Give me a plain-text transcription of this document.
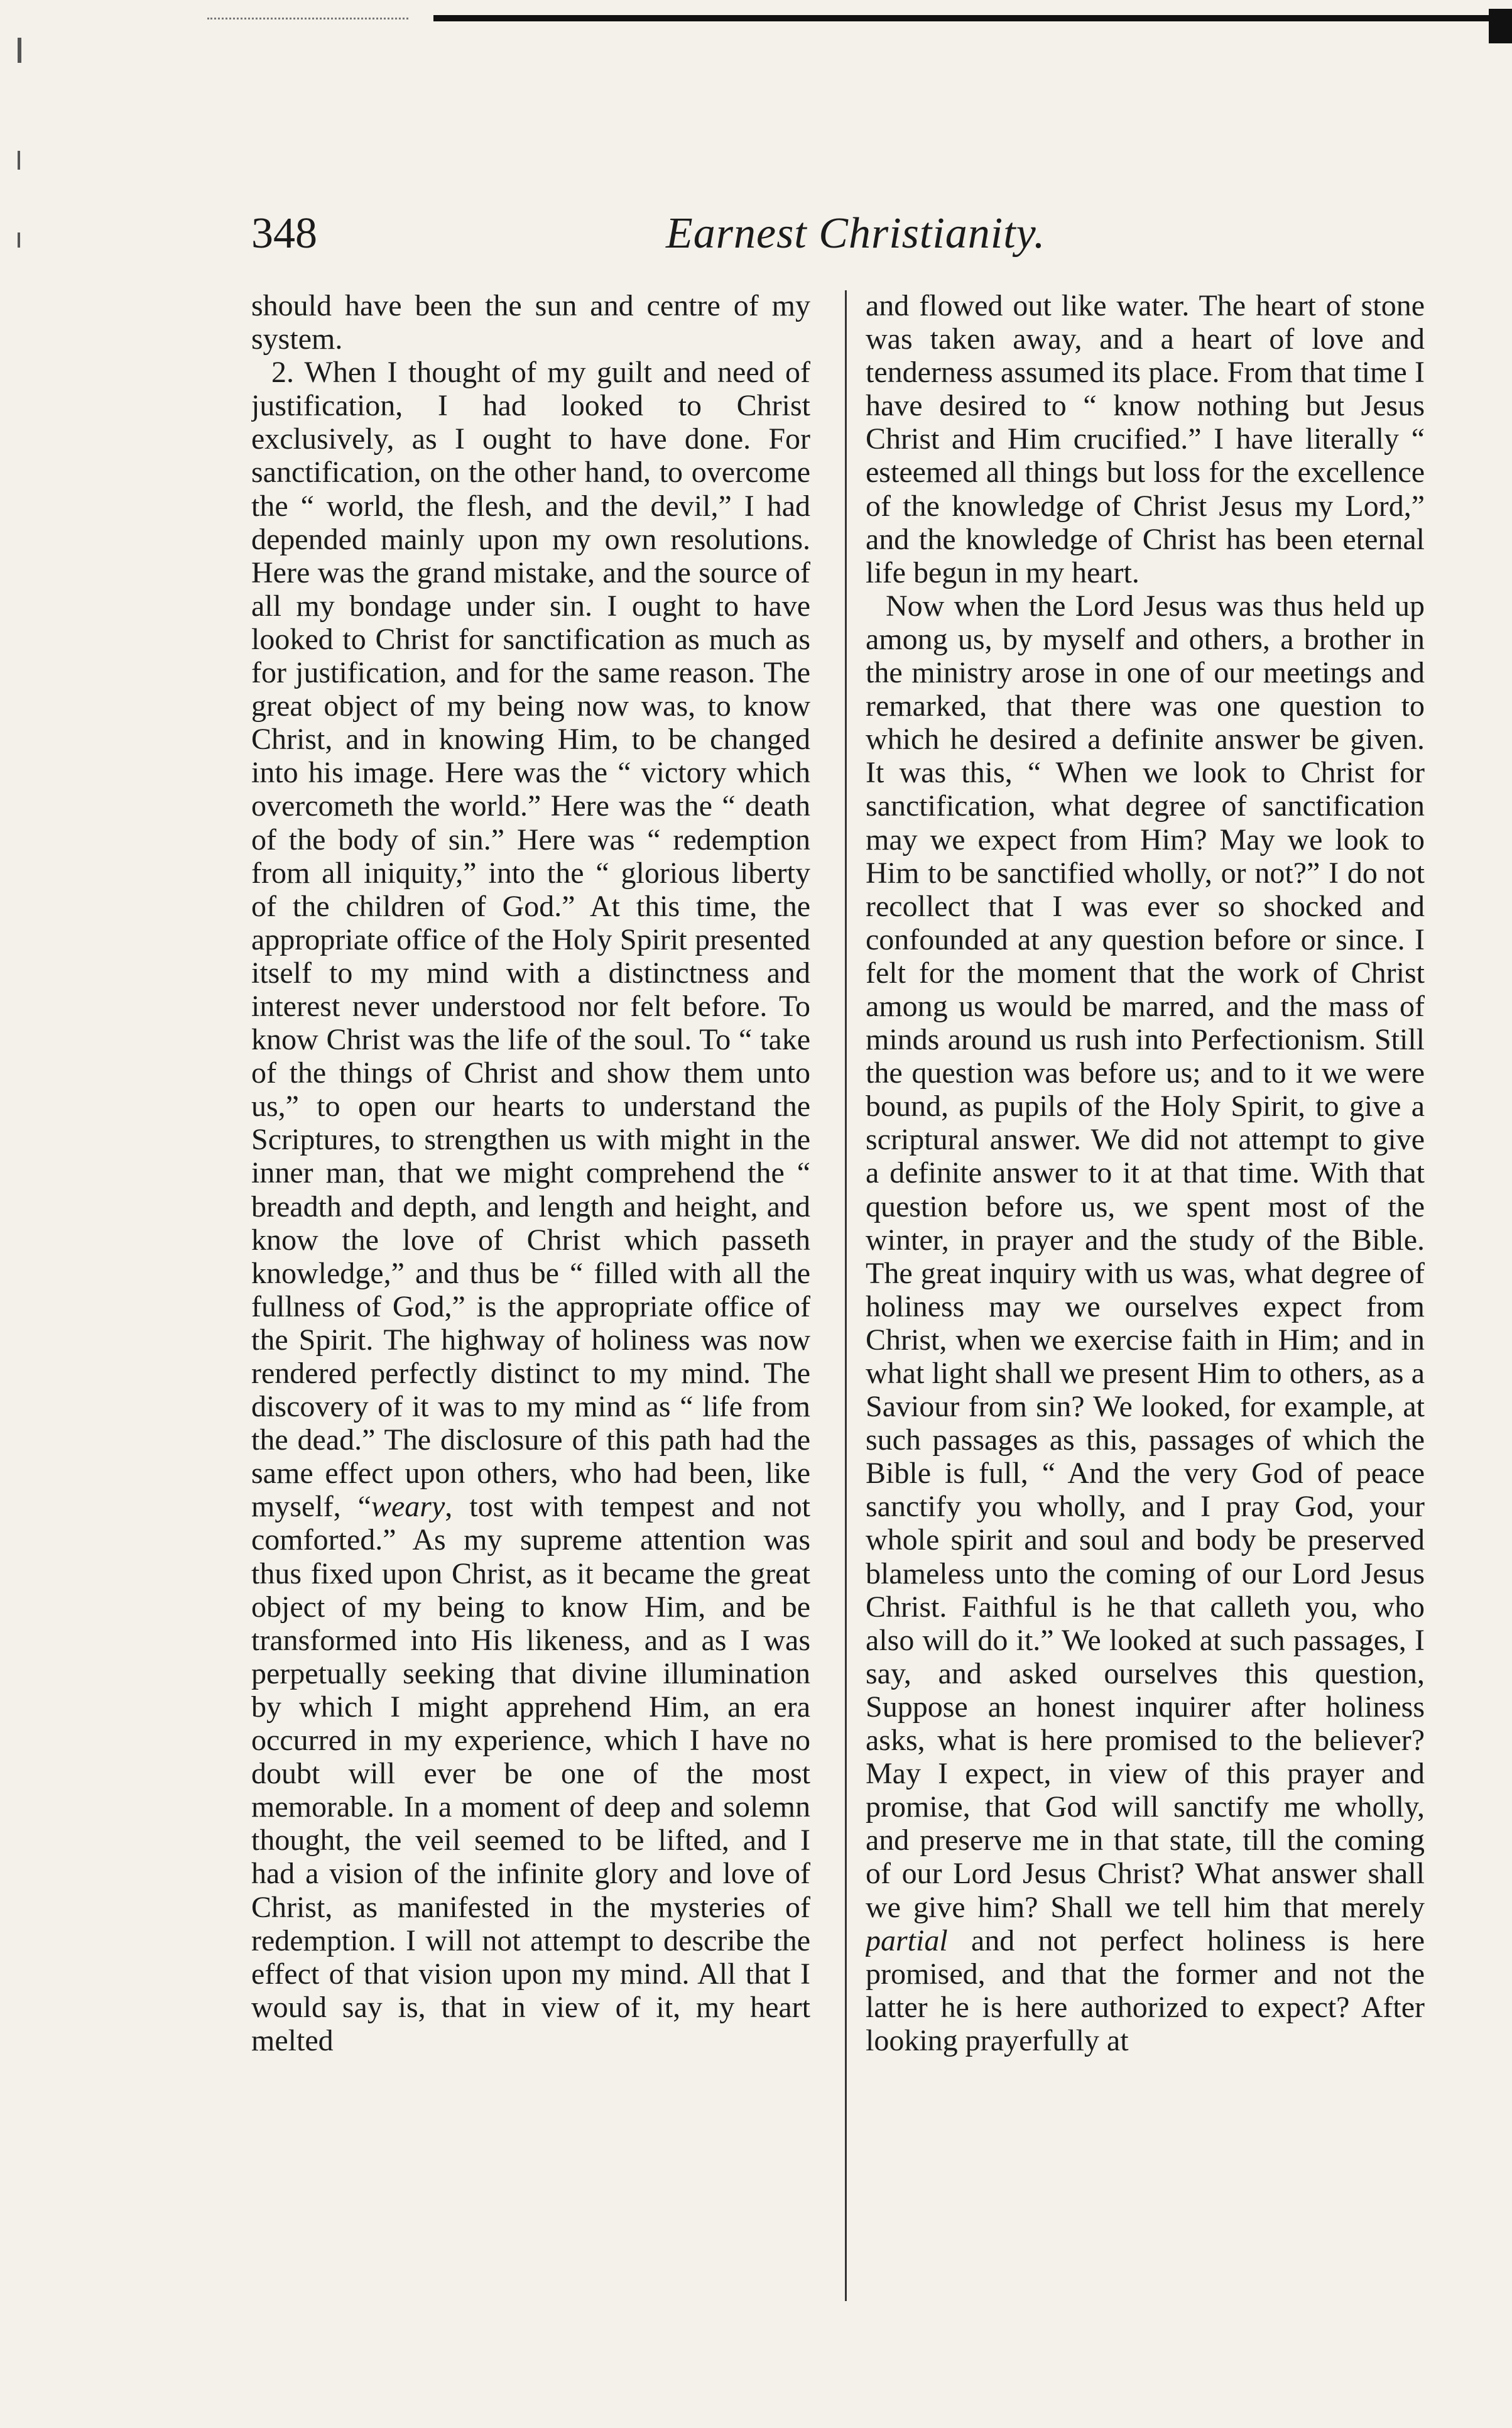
348	Earnest Christianity.

should have been the sun and centre of my system.

2. When I thought of my guilt and need of justification, I had looked to Christ exclusively, as I ought to have done. For sanctification, on the other hand, to overcome the “ world, the flesh, and the devil,” I had depended mainly upon my own resolutions. Here was the grand mistake, and the source of all my bondage under sin. I ought to have looked to Christ for sanctification as much as for justification, and for the same reason. The great object of my being now was, to know Christ, and in knowing Him, to be changed into his image. Here was the “ victory which overcometh the world.” Here was the “ death of the body of sin.” Here was “ redemption from all iniquity,” into the “ glorious liberty of the children of God.” At this time, the appropriate office of the Holy Spirit presented itself to my mind with a distinctness and interest never understood nor felt before. To know Christ was the life of the soul. To “ take of the things of Christ and show them unto us,” to open our hearts to understand the Scriptures, to strengthen us with might in the inner man, that we might comprehend the “ breadth and depth, and length and height, and know the love of Christ which passeth knowledge,” and thus be “ filled with all the fullness of God,” is the appropriate office of the Spirit. The highway of holiness was now rendered perfectly distinct to my mind. The discovery of it was to my mind as “ life from the dead.” The disclosure of this path had the same effect upon others, who had been, like myself, “weary, tost with tempest and not comforted.” As my supreme attention was thus fixed upon Christ, as it became the great object of my being to know Him, and be transformed into His likeness, and as I was perpetually seeking that divine illumination by which I might apprehend Him, an era occurred in my experience, which I have no doubt will ever be one of the most memorable. In a moment of deep and solemn thought, the veil seemed to be lifted, and I had a vision of the infinite glory and love of Christ, as manifested in the mysteries of redemption. I will not attempt to describe the effect of that vision upon my mind. All that I would say is, that in view of it, my heart melted

and flowed out like water. The heart of stone was taken away, and a heart of love and tenderness assumed its place. From that time I have desired to “ know nothing but Jesus Christ and Him crucified.” I have literally “ esteemed all things but loss for the excellence of the knowledge of Christ Jesus my Lord,” and the knowledge of Christ has been eternal life begun in my heart.

Now when the Lord Jesus was thus held up among us, by myself and others, a brother in the ministry arose in one of our meetings and remarked, that there was one question to which he desired a definite answer be given. It was this, “ When we look to Christ for sanctification, what degree of sanctification may we expect from Him? May we look to Him to be sanctified wholly, or not?” I do not recollect that I was ever so shocked and confounded at any question before or since. I felt for the moment that the work of Christ among us would be marred, and the mass of minds around us rush into Perfectionism. Still the question was before us; and to it we were bound, as pupils of the Holy Spirit, to give a scriptural answer. We did not attempt to give a definite answer to it at that time. With that question before us, we spent most of the winter, in prayer and the study of the Bible. The great inquiry with us was, what degree of holiness may we ourselves expect from Christ, when we exercise faith in Him; and in what light shall we present Him to others, as a Saviour from sin? We looked, for example, at such passages as this, passages of which the Bible is full, “ And the very God of peace sanctify you wholly, and I pray God, your whole spirit and soul and body be preserved blameless unto the coming of our Lord Jesus Christ. Faithful is he that calleth you, who also will do it.” We looked at such passages, I say, and asked ourselves this question, Suppose an honest inquirer after holiness asks, what is here promised to the believer? May I expect, in view of this prayer and promise, that God will sanctify me wholly, and preserve me in that state, till the coming of our Lord Jesus Christ? What answer shall we give him? Shall we tell him that merely partial and not perfect holiness is here promised, and that the former and not the latter he is here authorized to expect? After looking prayerfully at
